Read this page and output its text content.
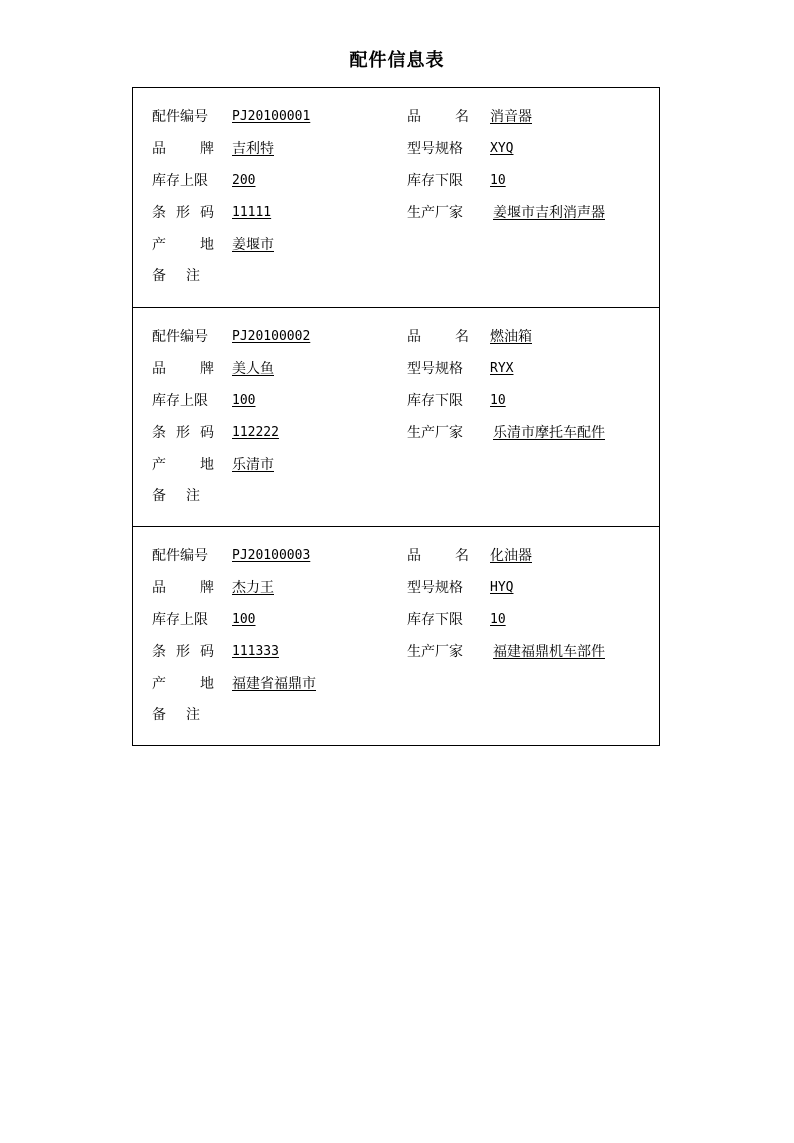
配件信息表
配件编号	PJ20100001	品名 消音器
品牌 吉利特	型号规格	XYQ
库存上限	200	库存下限	10
条形码 11111	生产厂家	姜堰市吉利消声器
产地 姜堰市
备注
配件编号	PJ20100002	品名 燃油箱
品牌 美人鱼	型号规格	RYX
库存上限	100	库存下限	10
条形码 112222	生产厂家	乐清市摩托车配件
产地 乐清市
备注
配件编号	PJ20100003	品名 化油器
品牌 杰力王	型号规格	HYQ
库存上限	100	库存下限	10
条形码 111333	生产厂家	福建福鼎机车部件
产地 福建省福鼎市
备注
